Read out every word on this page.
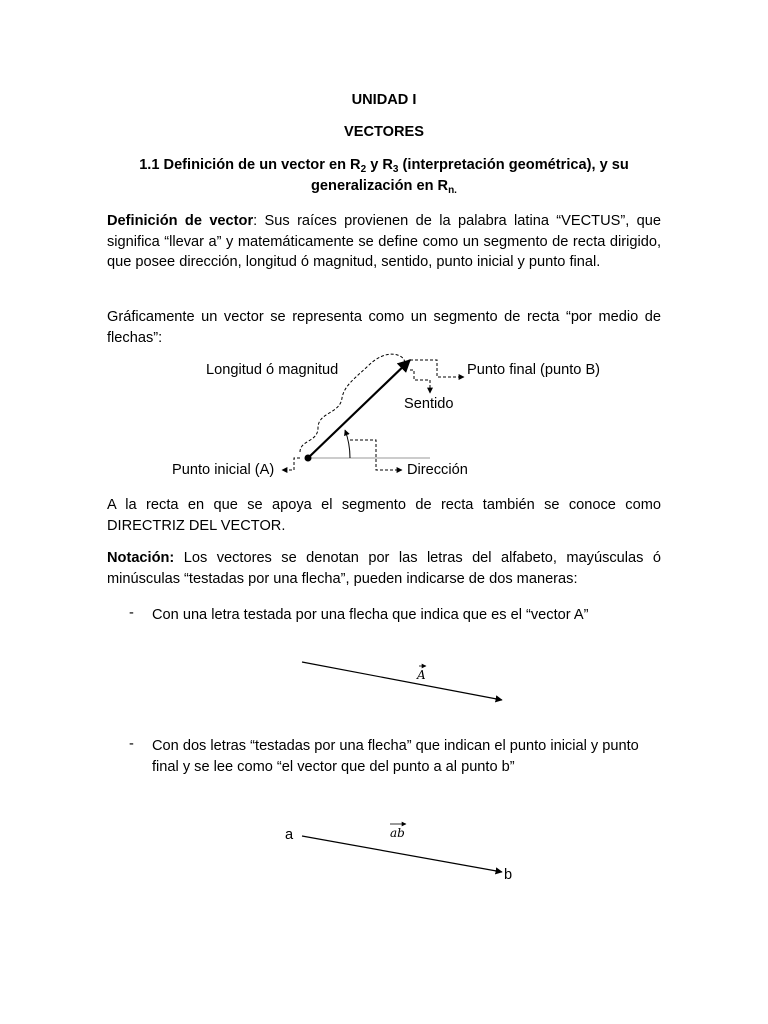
UNIDAD I
VECTORES
1.1 Definición de un vector en $R_2$ y $R_3$ (interpretación geométrica), y su
generalización en $R_{n.}$
Definición de vector: Sus raíces provienen de la palabra latina “VECTUS”, que significa “llevar a” y matemáticamente se define como un segmento de recta dirigido, que posee dirección, longitud ó magnitud, sentido, punto inicial y punto final.
Gráficamente un vector se representa como un segmento de recta “por medio de flechas”:
Longitud ó magnitud	Punto final (punto B)
Sentido
Punto inicial (A)	Dirección
A la recta en que se apoya el segmento de recta también se conoce como DIRECTRIZ DEL VECTOR.
Notación: Los vectores se denotan por las letras del alfabeto, mayúsculas ó minúsculas “testadas por una flecha”, pueden indicarse de dos maneras:
- Con una letra testada por una flecha que indica que es el “vector A”
A
- Con dos letras “testadas por una flecha” que indican el punto inicial y punto final y se lee como “el vector que del punto a al punto b”
a	ab
b
